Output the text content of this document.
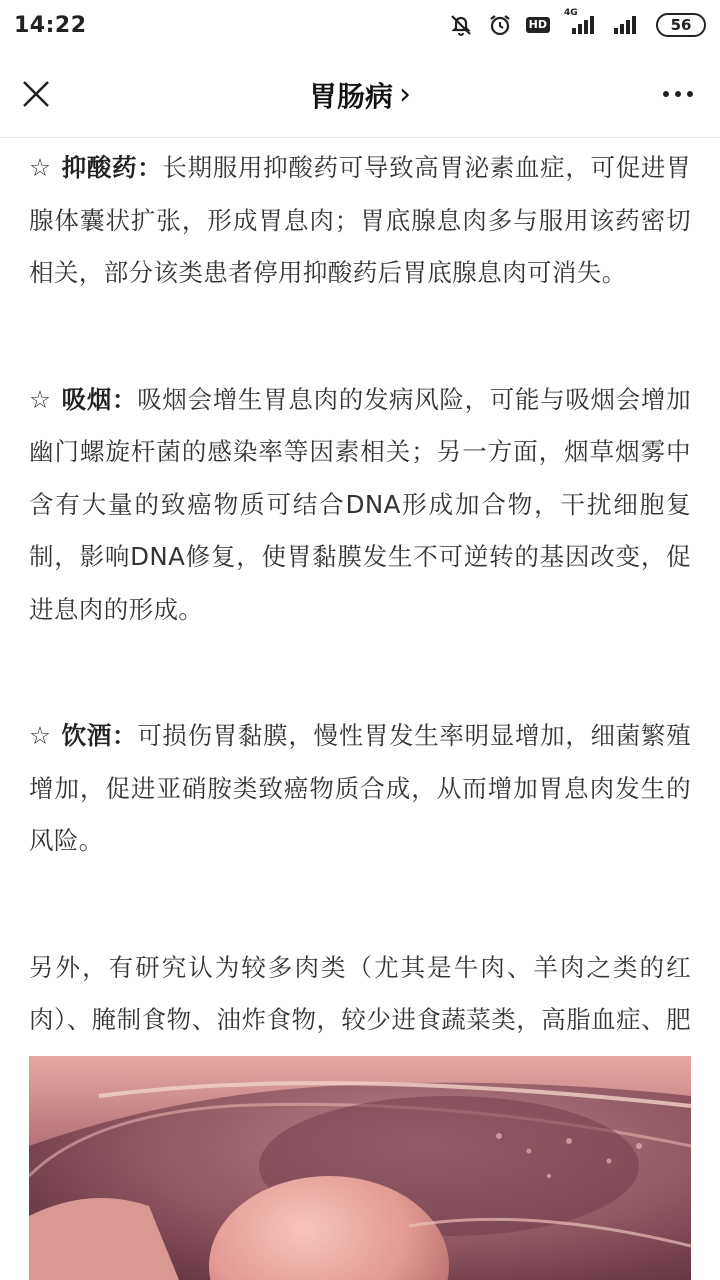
14:22	HD
4G
56
胃肠病 ›

☆ 抑酸药：长期服用抑酸药可导致高胃泌素血症，可促进胃腺体囊状扩张，形成胃息肉；胃底腺息肉多与服用该药密切相关，部分该类患者停用抑酸药后胃底腺息肉可消失。

☆ 吸烟：吸烟会增生胃息肉的发病风险，可能与吸烟会增加幽门螺旋杆菌的感染率等因素相关；另一方面，烟草烟雾中含有大量的致癌物质可结合DNA形成加合物，干扰细胞复制，影响DNA修复，使胃黏膜发生不可逆转的基因改变，促进息肉的形成。

☆ 饮酒：可损伤胃黏膜，慢性胃发生率明显增加，细菌繁殖增加，促进亚硝胺类致癌物质合成，从而增加胃息肉发生的风险。

另外，有研究认为较多肉类（尤其是牛肉、羊肉之类的红肉）、腌制食物、油炸食物，较少进食蔬菜类，高脂血症、肥
